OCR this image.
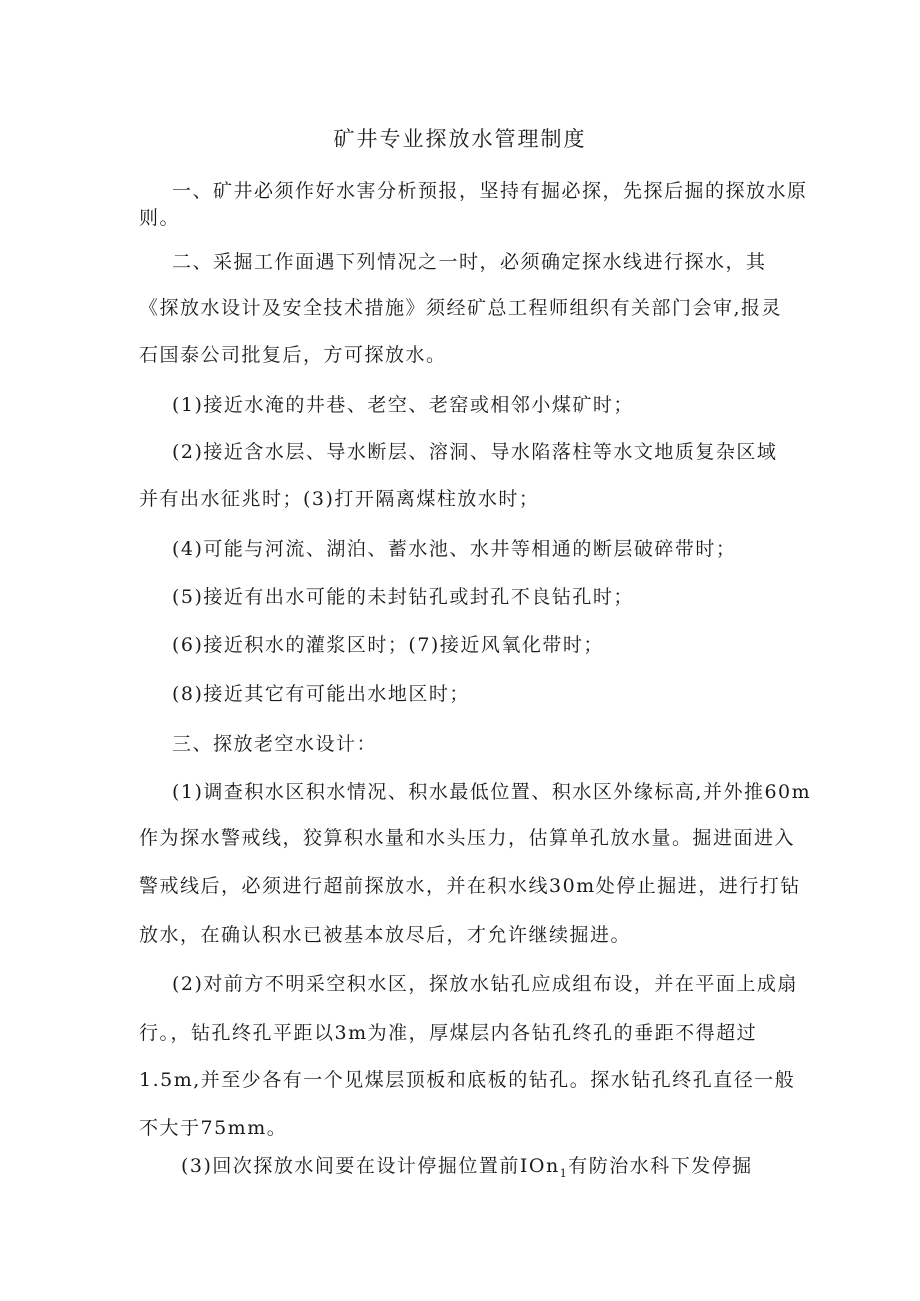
矿井专业探放水管理制度

一、矿井必须作好水害分析预报，坚持有掘必探，先探后掘的探放水原

则。

二、采掘工作面遇下列情况之一时，必须确定探水线进行探水，其

《探放水设计及安全技术措施》须经矿总工程师组织有关部门会审,报灵

石国泰公司批复后，方可探放水。

(1)接近水淹的井巷、老空、老窑或相邻小煤矿时；

(2)接近含水层、导水断层、溶洞、导水陷落柱等水文地质复杂区域

并有出水征兆时；(3)打开隔离煤柱放水时；

(4)可能与河流、湖泊、蓄水池、水井等相通的断层破碎带时；

(5)接近有出水可能的未封钻孔或封孔不良钻孔时；

(6)接近积水的灌浆区时；(7)接近风氧化带时；

(8)接近其它有可能出水地区时；

三、探放老空水设计：

(1)调查积水区积水情况、积水最低位置、积水区外缘标高,并外推60m

作为探水警戒线，狡算积水量和水头压力，估算单孔放水量。掘进面进入

警戒线后，必须进行超前探放水，并在积水线30m处停止掘进，进行打钻

放水，在确认积水已被基本放尽后，才允许继续掘进。

(2)对前方不明采空积水区，探放水钻孔应成组布设，并在平面上成扇

行。，钻孔终孔平距以3m为准，厚煤层内各钻孔终孔的垂距不得超过

1.5m,并至少各有一个见煤层顶板和底板的钻孔。探水钻孔终孔直径一般

不大于75mm。

(3)回次探放水间要在设计停掘位置前IOn$_1$有防治水科下发停掘
